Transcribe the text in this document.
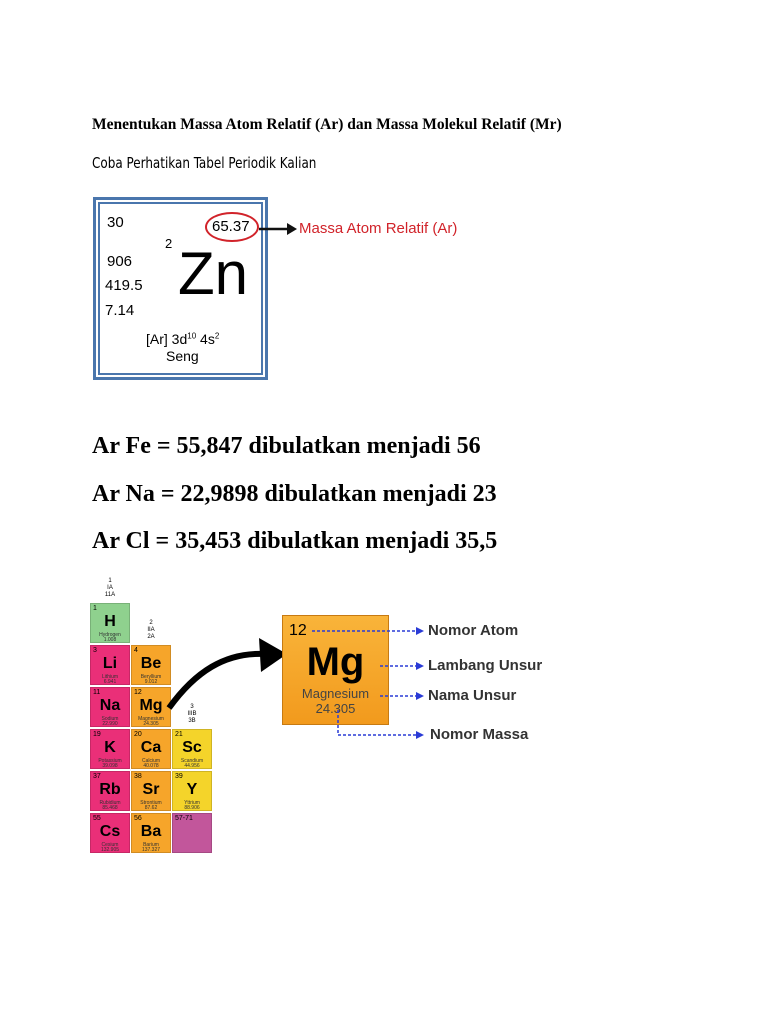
Menentukan Massa Atom Relatif (Ar) dan Massa Molekul Relatif (Mr)
Coba Perhatikan Tabel Periodik Kalian
30	65.37
2
906
419.5
7.14
Zn
[Ar] $3d^{10}$ $4s^2$
Seng
Massa Atom Relatif (Ar)
Ar Fe = 55,847 dibulatkan menjadi 56
Ar Na = 22,9898 dibulatkan menjadi 23
Ar Cl = 35,453 dibulatkan menjadi 35,5
1
IA
11A
2
IIA
2A
3
IIIB
3B
1
H
Hydrogen
1.008
3
Li
Lithium
6.941
4
Be
Beryllium
9.012
11
Na
Sodium
22.990
12
Mg
Magnesium
24.305
19
K
Potassium
39.098
20
Ca
Calcium
40.078
21
Sc
Scandium
44.956
37
Rb
Rubidium
85.468
38
Sr
Strontium
87.62
39
Y
Yttrium
88.906
55
Cs
Cesium
132.905
56
Ba
Barium
137.327
57-71
12
Mg
Magnesium
24.305
Nomor Atom
Lambang Unsur
Nama Unsur
Nomor Massa
